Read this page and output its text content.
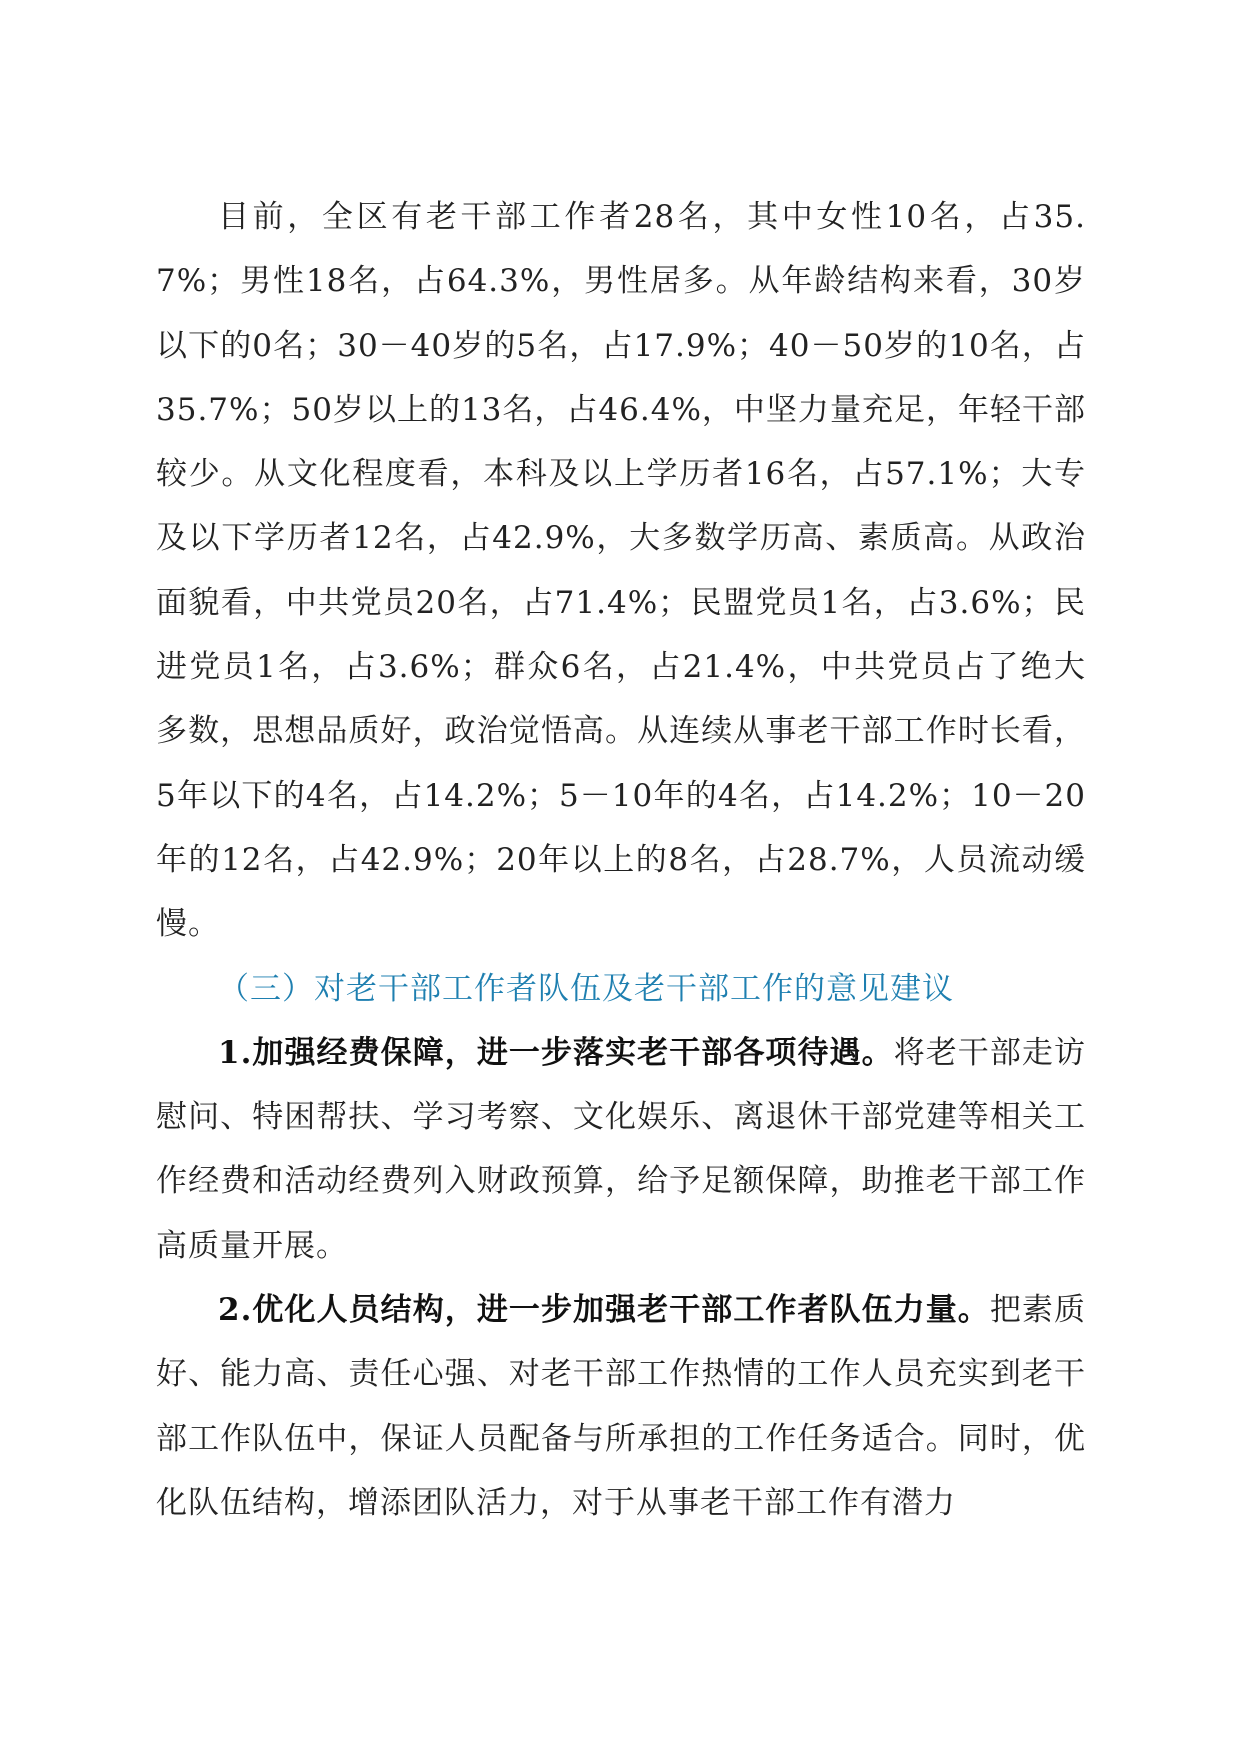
目前，全区有老干部工作者28名，其中女性10名，占35.7%；男性18名，占64.3%，男性居多。从年龄结构来看，30岁以下的0名；30－40岁的5名，占17.9%；40－50岁的10名，占35.7%；50岁以上的13名，占46.4%，中坚力量充足，年轻干部较少。从文化程度看，本科及以上学历者16名，占57.1%；大专及以下学历者12名，占42.9%，大多数学历高、素质高。从政治面貌看，中共党员20名，占71.4%；民盟党员1名，占3.6%；民进党员1名，占3.6%；群众6名，占21.4%，中共党员占了绝大多数，思想品质好，政治觉悟高。从连续从事老干部工作时长看，5年以下的4名，占14.2%；5－10年的4名，占14.2%；10－20年的12名，占42.9%；20年以上的8名，占28.7%，人员流动缓慢。

（三）对老干部工作者队伍及老干部工作的意见建议

1.加强经费保障，进一步落实老干部各项待遇。将老干部走访慰问、特困帮扶、学习考察、文化娱乐、离退休干部党建等相关工作经费和活动经费列入财政预算，给予足额保障，助推老干部工作高质量开展。

2.优化人员结构，进一步加强老干部工作者队伍力量。把素质好、能力高、责任心强、对老干部工作热情的工作人员充实到老干部工作队伍中，保证人员配备与所承担的工作任务适合。同时，优化队伍结构，增添团队活力，对于从事老干部工作有潜力
